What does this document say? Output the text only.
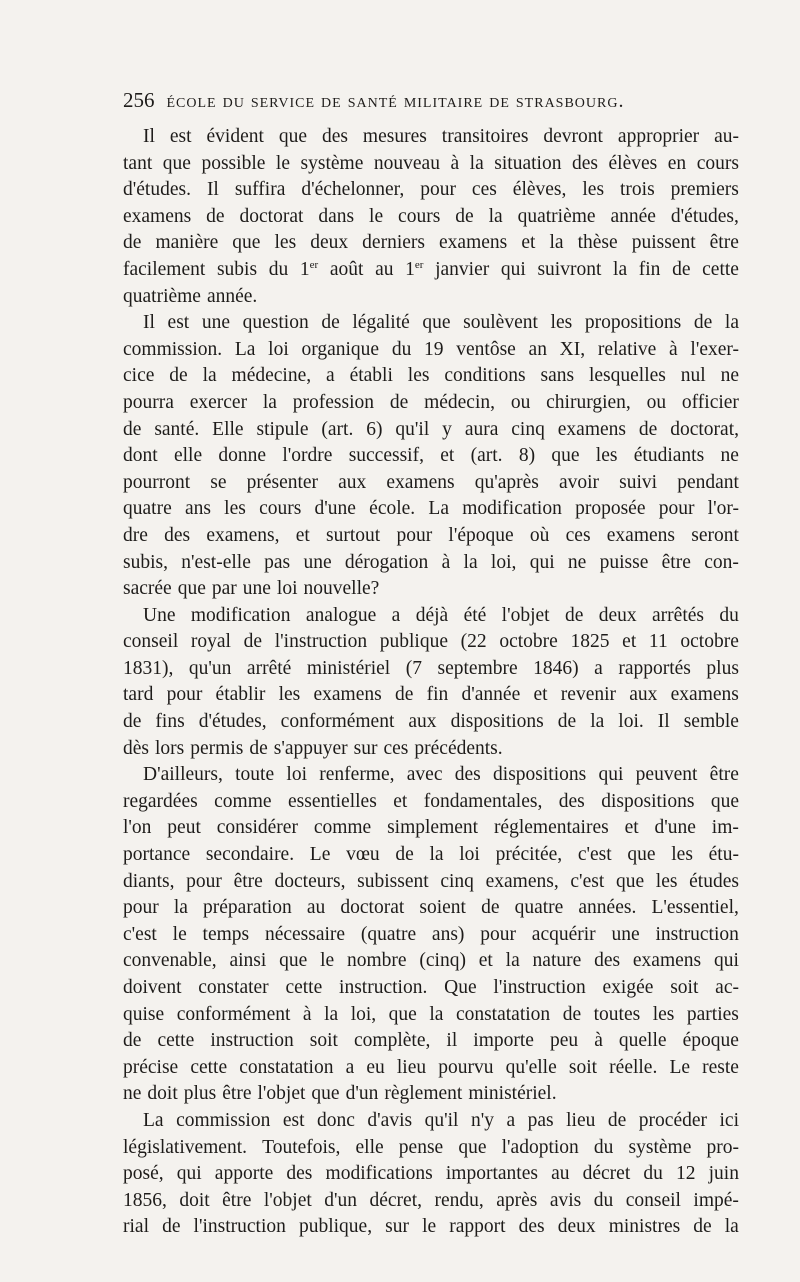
256 école du service de santé militaire de strasbourg.
Il est évident que des mesures transitoires devront approprier au-
tant que possible le système nouveau à la situation des élèves en cours
d'études. Il suffira d'échelonner, pour ces élèves, les trois premiers
examens de doctorat dans le cours de la quatrième année d'études,
de manière que les deux derniers examens et la thèse puissent être
facilement subis du 1er août au 1er janvier qui suivront la fin de cette
quatrième année.
Il est une question de légalité que soulèvent les propositions de la
commission. La loi organique du 19 ventôse an XI, relative à l'exer-
cice de la médecine, a établi les conditions sans lesquelles nul ne
pourra exercer la profession de médecin, ou chirurgien, ou officier
de santé. Elle stipule (art. 6) qu'il y aura cinq examens de doctorat,
dont elle donne l'ordre successif, et (art. 8) que les étudiants ne
pourront se présenter aux examens qu'après avoir suivi pendant
quatre ans les cours d'une école. La modification proposée pour l'or-
dre des examens, et surtout pour l'époque où ces examens seront
subis, n'est-elle pas une dérogation à la loi, qui ne puisse être con-
sacrée que par une loi nouvelle?
Une modification analogue a déjà été l'objet de deux arrêtés du
conseil royal de l'instruction publique (22 octobre 1825 et 11 octobre
1831), qu'un arrêté ministériel (7 septembre 1846) a rapportés plus
tard pour établir les examens de fin d'année et revenir aux examens
de fins d'études, conformément aux dispositions de la loi. Il semble
dès lors permis de s'appuyer sur ces précédents.
D'ailleurs, toute loi renferme, avec des dispositions qui peuvent être
regardées comme essentielles et fondamentales, des dispositions que
l'on peut considérer comme simplement réglementaires et d'une im-
portance secondaire. Le vœu de la loi précitée, c'est que les étu-
diants, pour être docteurs, subissent cinq examens, c'est que les études
pour la préparation au doctorat soient de quatre années. L'essentiel,
c'est le temps nécessaire (quatre ans) pour acquérir une instruction
convenable, ainsi que le nombre (cinq) et la nature des examens qui
doivent constater cette instruction. Que l'instruction exigée soit ac-
quise conformément à la loi, que la constatation de toutes les parties
de cette instruction soit complète, il importe peu à quelle époque
précise cette constatation a eu lieu pourvu qu'elle soit réelle. Le reste
ne doit plus être l'objet que d'un règlement ministériel.
La commission est donc d'avis qu'il n'y a pas lieu de procéder ici
législativement. Toutefois, elle pense que l'adoption du système pro-
posé, qui apporte des modifications importantes au décret du 12 juin
1856, doit être l'objet d'un décret, rendu, après avis du conseil impé-
rial de l'instruction publique, sur le rapport des deux ministres de la
